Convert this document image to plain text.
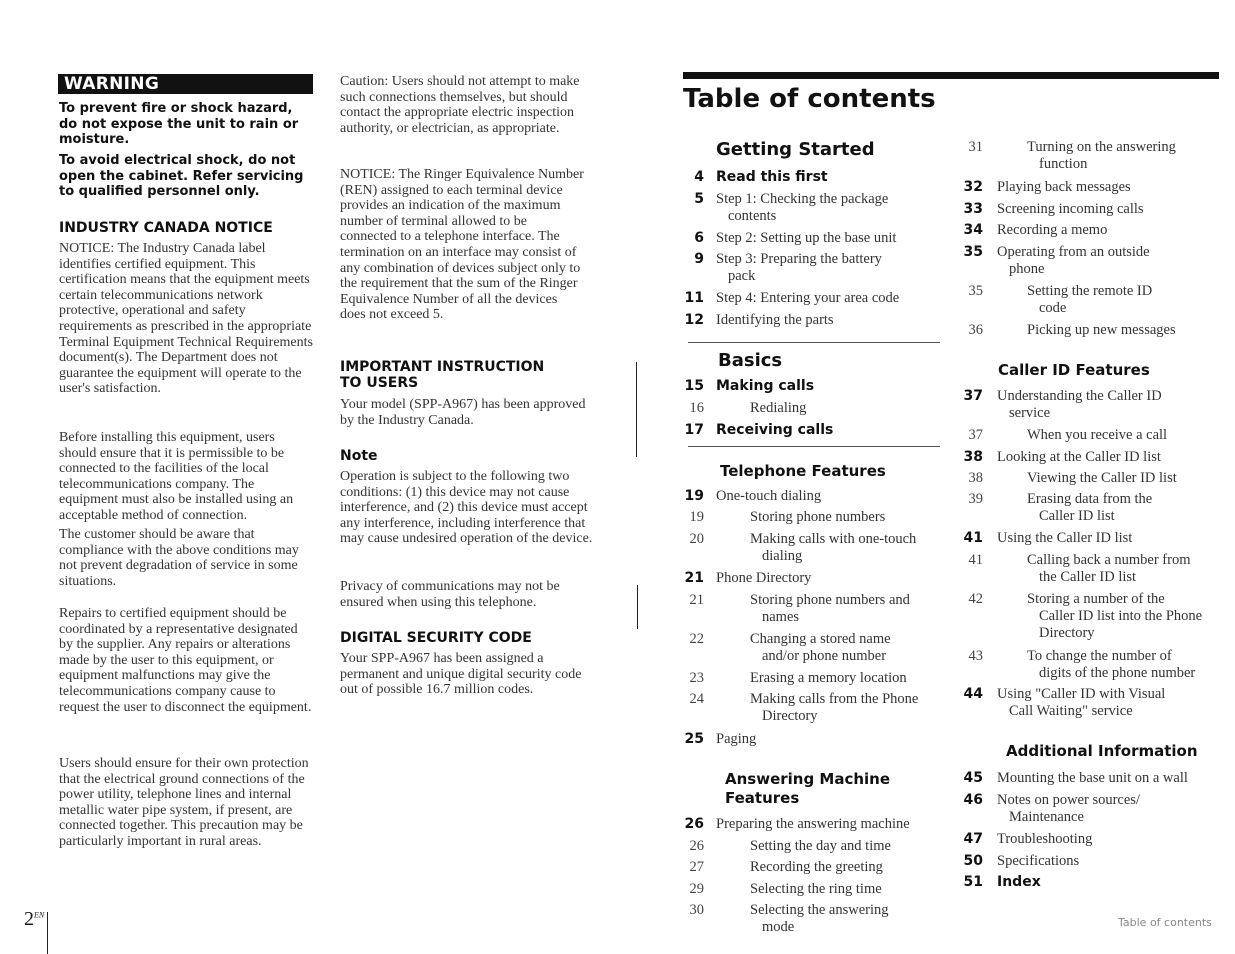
WARNING
To prevent fire or shock hazard, do not expose the unit to rain or moisture.
To avoid electrical shock, do not open the cabinet. Refer servicing to qualified personnel only.
INDUSTRY CANADA NOTICE
NOTICE: The Industry Canada label identifies certified equipment. This certification means that the equipment meets certain telecommunications network protective, operational and safety requirements as prescribed in the appropriate Terminal Equipment Technical Requirements document(s). The Department does not guarantee the equipment will operate to the user's satisfaction.
Before installing this equipment, users should ensure that it is permissible to be connected to the facilities of the local telecommunications company. The equipment must also be installed using an acceptable method of connection.
The customer should be aware that compliance with the above conditions may not prevent degradation of service in some situations.
Repairs to certified equipment should be coordinated by a representative designated by the supplier. Any repairs or alterations made by the user to this equipment, or equipment malfunctions may give the telecommunications company cause to request the user to disconnect the equipment.
Users should ensure for their own protection that the electrical ground connections of the power utility, telephone lines and internal metallic water pipe system, if present, are connected together. This precaution may be particularly important in rural areas.
Caution: Users should not attempt to make such connections themselves, but should contact the appropriate electric inspection authority, or electrician, as appropriate.
NOTICE: The Ringer Equivalence Number (REN) assigned to each terminal device provides an indication of the maximum number of terminal allowed to be connected to a telephone interface. The termination on an interface may consist of any combination of devices subject only to the requirement that the sum of the Ringer Equivalence Number of all the devices does not exceed 5.
IMPORTANT INSTRUCTION TO USERS
Your model (SPP-A967) has been approved by the Industry Canada.
Note
Operation is subject to the following two conditions: (1) this device may not cause interference, and (2) this device must accept any interference, including interference that may cause undesired operation of the device.
Privacy of communications may not be ensured when using this telephone.
DIGITAL SECURITY CODE
Your SPP-A967 has been assigned a permanent and unique digital security code out of possible 16.7 million codes.
$2^{EN}$
Table of contents
Getting Started
Basics
Telephone Features
Answering Machine
Features
Caller ID Features
Additional Information
4 Read this first
5 Step 1: Checking the package
contents
6 Step 2: Setting up the base unit
9 Step 3: Preparing the battery
pack
11 Step 4: Entering your area code
12 Identifying the parts
15 Making calls
16	Redialing
17 Receiving calls
19 One-touch dialing
19	Storing phone numbers
20	Making calls with one-touch
dialing
21 Phone Directory
21	Storing phone numbers and
names
22	Changing a stored name
and/or phone number
23	Erasing a memory location
24	Making calls from the Phone
Directory
25 Paging
26 Preparing the answering machine
26	Setting the day and time
27	Recording the greeting
29	Selecting the ring time
30	Selecting the answering
mode
31	Turning on the answering
function
32 Playing back messages
33 Screening incoming calls
34 Recording a memo
35 Operating from an outside
phone
35	Setting the remote ID
code
36	Picking up new messages
37 Understanding the Caller ID
service
37	When you receive a call
38 Looking at the Caller ID list
38	Viewing the Caller ID list
39	Erasing data from the
Caller ID list
41 Using the Caller ID list
41	Calling back a number from
the Caller ID list
42	Storing a number of the
Caller ID list into the Phone
Directory
43	To change the number of
digits of the phone number
44 Using "Caller ID with Visual
Call Waiting" service
45 Mounting the base unit on a wall
46 Notes on power sources/
Maintenance
47 Troubleshooting
50 Specifications
51 Index
Table of contents
